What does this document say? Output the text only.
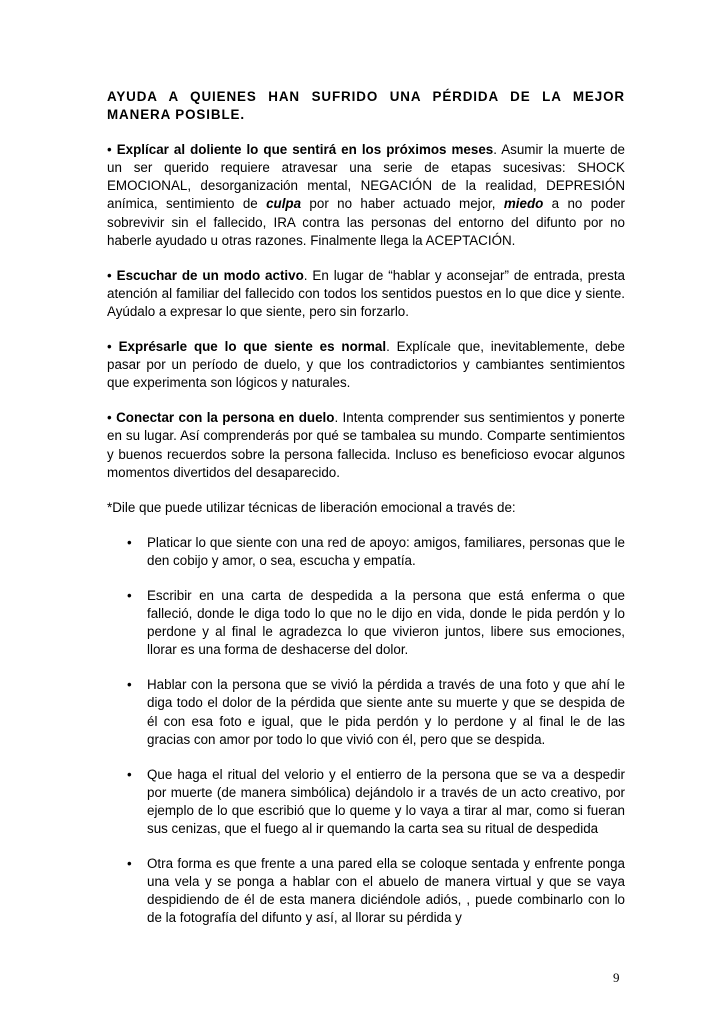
AYUDA A QUIENES HAN SUFRIDO UNA PÉRDIDA DE LA MEJOR MANERA POSIBLE.

• Explícar al doliente lo que sentirá en los próximos meses. Asumir la muerte de un ser querido requiere atravesar una serie de etapas sucesivas: SHOCK EMOCIONAL, desorganización mental, NEGACIÓN de la realidad, DEPRESIÓN anímica, sentimiento de culpa por no haber actuado mejor, miedo a no poder sobrevivir sin el fallecido, IRA contra las personas del entorno del difunto por no haberle ayudado u otras razones. Finalmente llega la ACEPTACIÓN.

• Escuchar de un modo activo. En lugar de “hablar y aconsejar” de entrada, presta atención al familiar del fallecido con todos los sentidos puestos en lo que dice y siente. Ayúdalo a expresar lo que siente, pero sin forzarlo.

• Exprésarle que lo que siente es normal. Explícale que, inevitablemente, debe pasar por un período de duelo, y que los contradictorios y cambiantes sentimientos que experimenta son lógicos y naturales.

• Conectar con la persona en duelo. Intenta comprender sus sentimientos y ponerte en su lugar. Así comprenderás por qué se tambalea su mundo. Comparte sentimientos y buenos recuerdos sobre la persona fallecida. Incluso es beneficioso evocar algunos momentos divertidos del desaparecido.

*Dile que puede utilizar técnicas de liberación emocional a través de:

• Platicar lo que siente con una red de apoyo: amigos, familiares, personas que le den cobijo y amor, o sea, escucha y empatía.
• Escribir en una carta de despedida a la persona que está enferma o que falleció, donde le diga todo lo que no le dijo en vida, donde le pida perdón y lo perdone y al final le agradezca lo que vivieron juntos, libere sus emociones, llorar es una forma de deshacerse del dolor.
• Hablar con la persona que se vivió la pérdida a través de una foto y que ahí le diga todo el dolor de la pérdida que siente ante su muerte y que se despida de él con esa foto e igual, que le pida perdón y lo perdone y al final le de las gracias con amor por todo lo que vivió con él, pero que se despida.
• Que haga el ritual del velorio y el entierro de la persona que se va a despedir por muerte (de manera simbólica) dejándolo ir a través de un acto creativo, por ejemplo de lo que escribió que lo queme y lo vaya a tirar al mar, como si fueran sus cenizas, que el fuego al ir quemando la carta sea su ritual de despedida
• Otra forma es que frente a una pared ella se coloque sentada y enfrente ponga una vela y se ponga a hablar con el abuelo de manera virtual y que se vaya despidiendo de él de esta manera diciéndole adiós, , puede combinarlo con lo de la fotografía del difunto y así, al llorar su pérdida y
9
